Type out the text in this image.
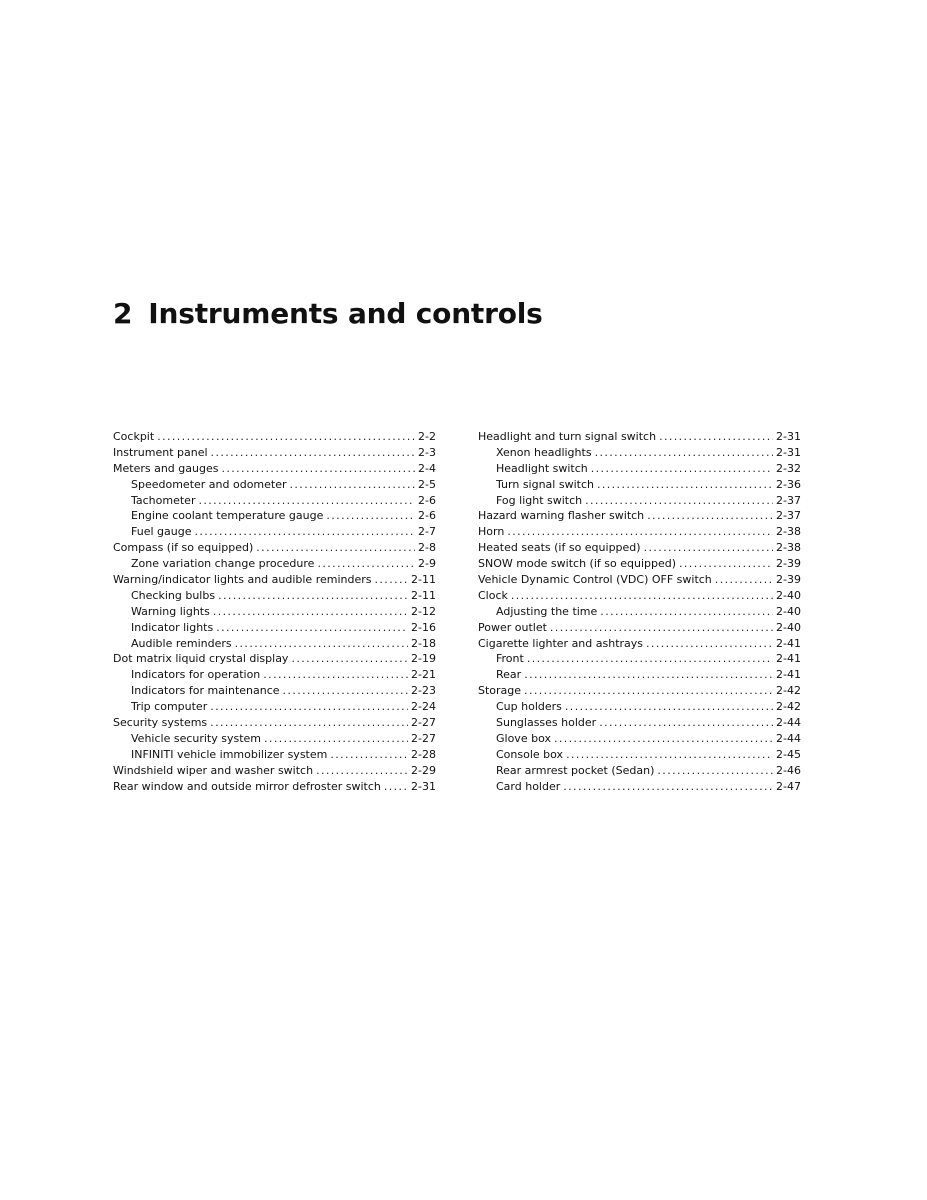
2 Instruments and controls
Cockpit .....	2-2
Instrument panel .....	2-3
Meters and gauges .....	2-4
Speedometer and odometer .....	2-5
Tachometer .....	2-6
Engine coolant temperature gauge .....	2-6
Fuel gauge .....	2-7
Compass (if so equipped) .....	2-8
Zone variation change procedure .....	2-9
Warning/indicator lights and audible reminders .....	2-11
Checking bulbs .....	2-11
Warning lights .....	2-12
Indicator lights .....	2-16
Audible reminders .....	2-18
Dot matrix liquid crystal display .....	2-19
Indicators for operation .....	2-21
Indicators for maintenance .....	2-23
Trip computer .....	2-24
Security systems .....	2-27
Vehicle security system .....	2-27
INFINITI vehicle immobilizer system .....	2-28
Windshield wiper and washer switch .....	2-29
Rear window and outside mirror defroster switch .....	2-31
Headlight and turn signal switch .....	2-31
Xenon headlights .....	2-31
Headlight switch .....	2-32
Turn signal switch .....	2-36
Fog light switch .....	2-37
Hazard warning flasher switch .....	2-37
Horn .....	2-38
Heated seats (if so equipped) .....	2-38
SNOW mode switch (if so equipped) .....	2-39
Vehicle Dynamic Control (VDC) OFF switch .....	2-39
Clock .....	2-40
Adjusting the time .....	2-40
Power outlet .....	2-40
Cigarette lighter and ashtrays .....	2-41
Front .....	2-41
Rear .....	2-41
Storage .....	2-42
Cup holders .....	2-42
Sunglasses holder .....	2-44
Glove box .....	2-44
Console box .....	2-45
Rear armrest pocket (Sedan) .....	2-46
Card holder .....	2-47
